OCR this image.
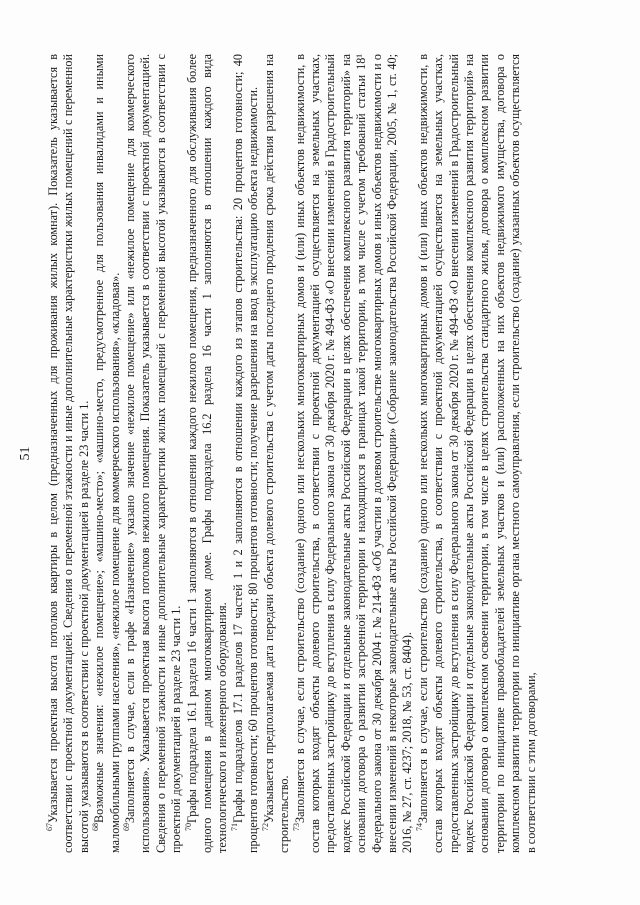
51

$^{67}$Указывается проектная высота потолков квартиры в целом (предназначенных для проживания жилых комнат). Показатель указывается в соответствии с проектной документацией. Сведения о переменной этажности и иные дополнительные характеристики жилых помещений с переменной высотой указываются в соответствии с проектной документацией в разделе 23 части 1. $^{68}$Возможные значения: «нежилое помещение»; «машино-место»; «машино-место, предусмотренное для пользования инвалидами и иными маломобильными группами населения», «нежилое помещение для коммерческого использования», «кладовая». $^{69}$Заполняется в случае, если в графе «Назначение» указано значение «нежилое помещение» или «нежилое помещение для коммерческого использования». Указывается проектная высота потолков нежилого помещения. Показатель указывается в соответствии с проектной документацией. Сведения о переменной этажности и иные дополнительные характеристики жилых помещений с переменной высотой указываются в соответствии с проектной документацией в разделе 23 части 1. $^{70}$Графы подраздела 16.1 раздела 16 части 1 заполняются в отношении каждого нежилого помещения, предназначенного для обслуживания более одного помещения в данном многоквартирном доме. Графы подраздела 16.2 раздела 16 части 1 заполняются в отношении каждого вида технологического и инженерного оборудования. $^{71}$Графы подразделов 17.1 разделов 17 частей 1 и 2 заполняются в отношении каждого из этапов строительства: 20 процентов готовности; 40 процентов готовности; 60 процентов готовности; 80 процентов готовности; получение разрешения на ввод в эксплуатацию объекта недвижимости. $^{72}$Указывается предполагаемая дата передачи объекта долевого строительства с учетом даты последнего продления срока действия разрешения на строительство. $^{73}$Заполняется в случае, если строительство (создание) одного или нескольких многоквартирных домов и (или) иных объектов недвижимости, в состав которых входят объекты долевого строительства, в соответствии с проектной документацией осуществляется на земельных участках, предоставленных застройщику до вступления в силу Федерального закона от 30 декабря 2020 г. № 494-ФЗ «О внесении изменений в Градостроительный кодекс Российской Федерации и отдельные законодательные акты Российской Федерации в целях обеспечения комплексного развития территорий» на основании договора о развитии застроенной территории и находящихся в границах такой территории, в том числе с учетом требований статьи 18¹ Федерального закона от 30 декабря 2004 г. № 214-ФЗ «Об участии в долевом строительстве многоквартирных домов и иных объектов недвижимости и о внесении изменений в некоторые законодательные акты Российской Федерации» (Собрание законодательства Российской Федерации, 2005, № 1, ст. 40; 2016, № 27, ст. 4237; 2018, № 53, ст. 8404). $^{74}$Заполняется в случае, если строительство (создание) одного или нескольких многоквартирных домов и (или) иных объектов недвижимости, в состав которых входят объекты долевого строительства, в соответствии с проектной документацией осуществляется на земельных участках, предоставленных застройщику до вступления в силу Федерального закона от 30 декабря 2020 г. № 494-ФЗ «О внесении изменений в Градостроительный кодекс Российской Федерации и отдельные законодательные акты Российской Федерации в целях обеспечения комплексного развития территорий» на основании договора о комплексном освоении территории, в том числе в целях строительства стандартного жилья, договора о комплексном развитии территории по инициативе правообладателей земельных участков и (или) расположенных на них объектов недвижимого имущества, договора о комплексном развитии территории по инициативе органа местного самоуправления, если строительство (создание) указанных объектов осуществляется в соответствии с этим договорами,
